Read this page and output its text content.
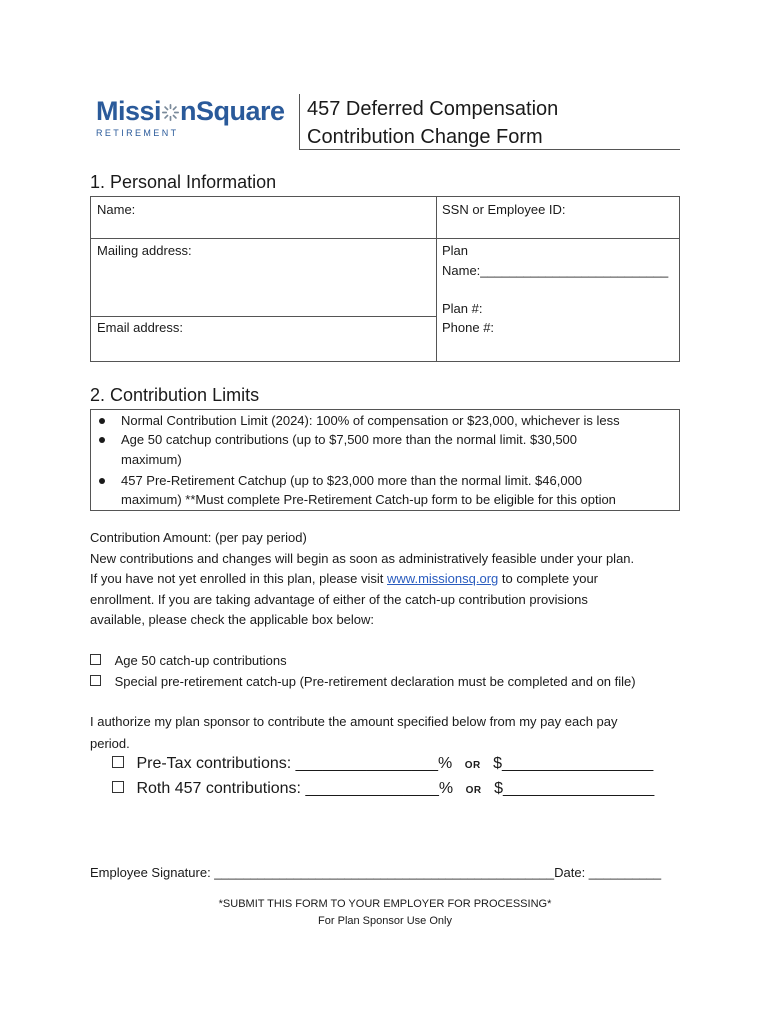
Missi nSquare
RETIREMENT
457 Deferred Compensation
Contribution Change Form
1. Personal Information
Name:	SSN or Employee ID:
Mailing address:	Plan
Name:__________________________
Plan #:
Email address:	Phone #:
2. Contribution Limits
Normal Contribution Limit (2024): 100% of compensation or $23,000, whichever is less
Age 50 catchup contributions (up to $7,500 more than the normal limit. $30,500
maximum)
457 Pre-Retirement Catchup (up to $23,000 more than the normal limit. $46,000
maximum) **Must complete Pre-Retirement Catch-up form to be eligible for this option
Contribution Amount: (per pay period)
New contributions and changes will begin as soon as administratively feasible under your plan.
If you have not yet enrolled in this plan, please visit www.missionsq.org to complete your
enrollment. If you are taking advantage of either of the catch-up contribution provisions
available, please check the applicable box below:
Age 50 catch-up contributions
Special pre-retirement catch-up (Pre-retirement declaration must be completed and on file)
I authorize my plan sponsor to contribute the amount specified below from my pay each pay
period.
Pre-Tax contributions: ________________% OR $_________________
Roth 457 contributions: _______________% OR $_________________
Employee Signature: _______________________________________________Date: __________
*SUBMIT THIS FORM TO YOUR EMPLOYER FOR PROCESSING*
For Plan Sponsor Use Only
